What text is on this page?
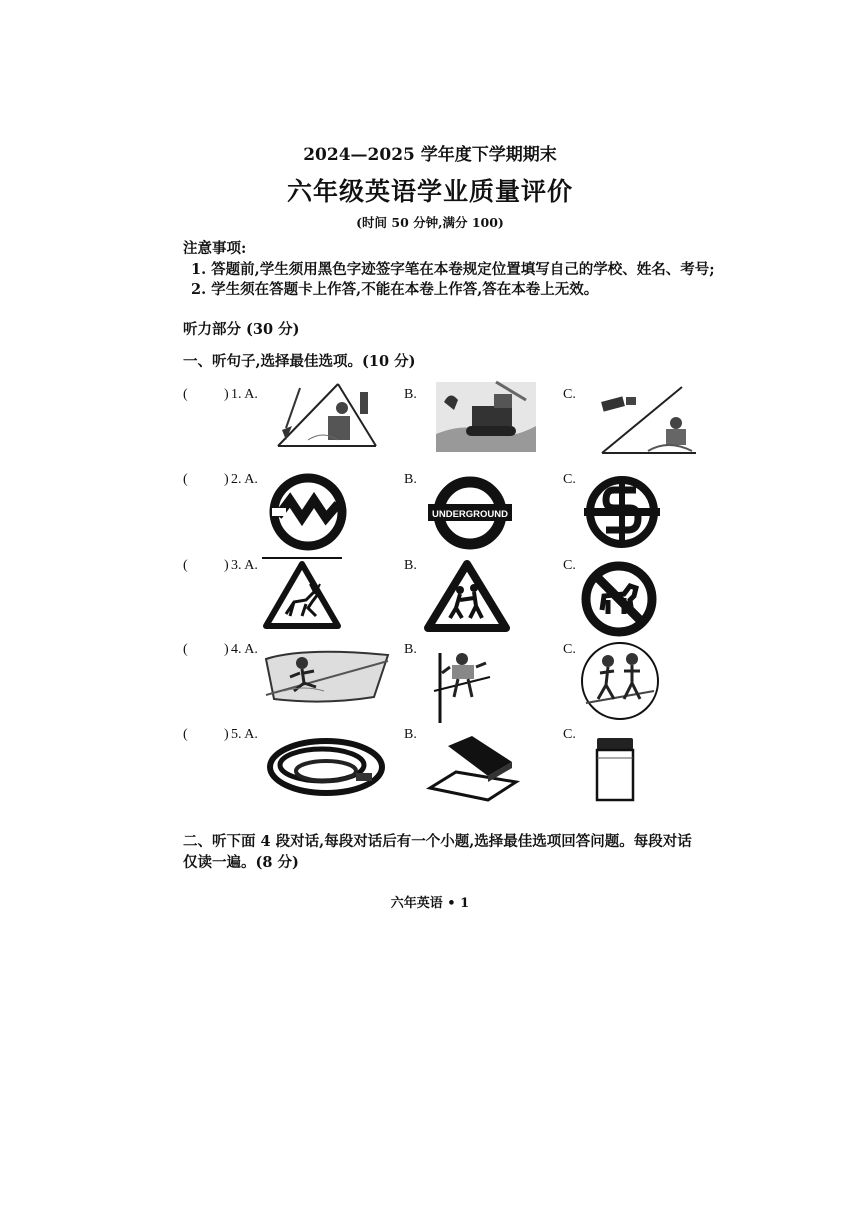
2024—2025 学年度下学期期末
六年级英语学业质量评价
(时间 50 分钟,满分 100)
注意事项:
1. 答题前,学生须用黑色字迹签字笔在本卷规定位置填写自己的学校、姓名、考号;
2. 学生须在答题卡上作答,不能在本卷上作答,答在本卷上无效。
听力部分 (30 分)
一、听句子,选择最佳选项。(10 分)
(	) 1. A.	B.	C.
(	) 2. A.	B.	C.
(	) 3. A.	B.	C.
(	) 4. A.	B.	C.
(	) 5. A.	B.	C.
UNDERGROUND
二、听下面 4 段对话,每段对话后有一个小题,选择最佳选项回答问题。每段对话
仅读一遍。(8 分)
六年英语 • 1
